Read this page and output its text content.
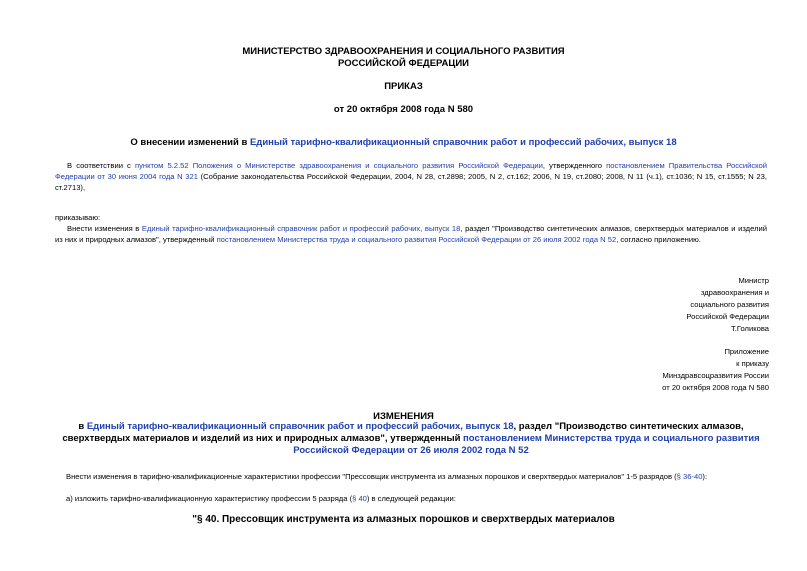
МИНИСТЕРСТВО ЗДРАВООХРАНЕНИЯ И СОЦИАЛЬНОГО РАЗВИТИЯ
РОССИЙСКОЙ ФЕДЕРАЦИИ
ПРИКАЗ
от 20 октября 2008 года N 580
О внесении изменений в Единый тарифно-квалификационный справочник работ и профессий рабочих, выпуск 18
В соответствии с пунктом 5.2.52 Положения о Министерстве здравоохранения и социального развития Российской Федерации, утвержденного постановлением Правительства Российской Федерации от 30 июня 2004 года N 321 (Собрание законодательства Российской Федерации, 2004, N 28, ст.2898; 2005, N 2, ст.162; 2006, N 19, ст.2080; 2008, N 11 (ч.1), ст.1036; N 15, ст.1555; N 23, ст.2713),
приказываю:
Внести изменения в Единый тарифно-квалификационный справочник работ и профессий рабочих, выпуск 18, раздел "Производство синтетических алмазов, сверхтвердых материалов и изделий из них и природных алмазов", утвержденный постановлением Министерства труда и социального развития Российской Федерации от 26 июля 2002 года N 52, согласно приложению.
Министр
здравоохранения и
социального развития
Российской Федерации
Т.Голикова
Приложение
к приказу
Минздравсоцразвития России
от 20 октября 2008 года N 580
ИЗМЕНЕНИЯ
в Единый тарифно-квалификационный справочник работ и профессий рабочих, выпуск 18, раздел "Производство синтетических алмазов, сверхтвердых материалов и изделий из них и природных алмазов", утвержденный постановлением Министерства труда и социального развития Российской Федерации от 26 июля 2002 года N 52
Внести изменения в тарифно-квалификационные характеристики профессии "Прессовщик инструмента из алмазных порошков и сверхтвердых материалов" 1-5 разрядов (§ 36-40):
а) изложить тарифно-квалификационную характеристику профессии 5 разряда (§ 40) в следующей редакции:
"§ 40. Прессовщик инструмента из алмазных порошков и сверхтвердых материалов
